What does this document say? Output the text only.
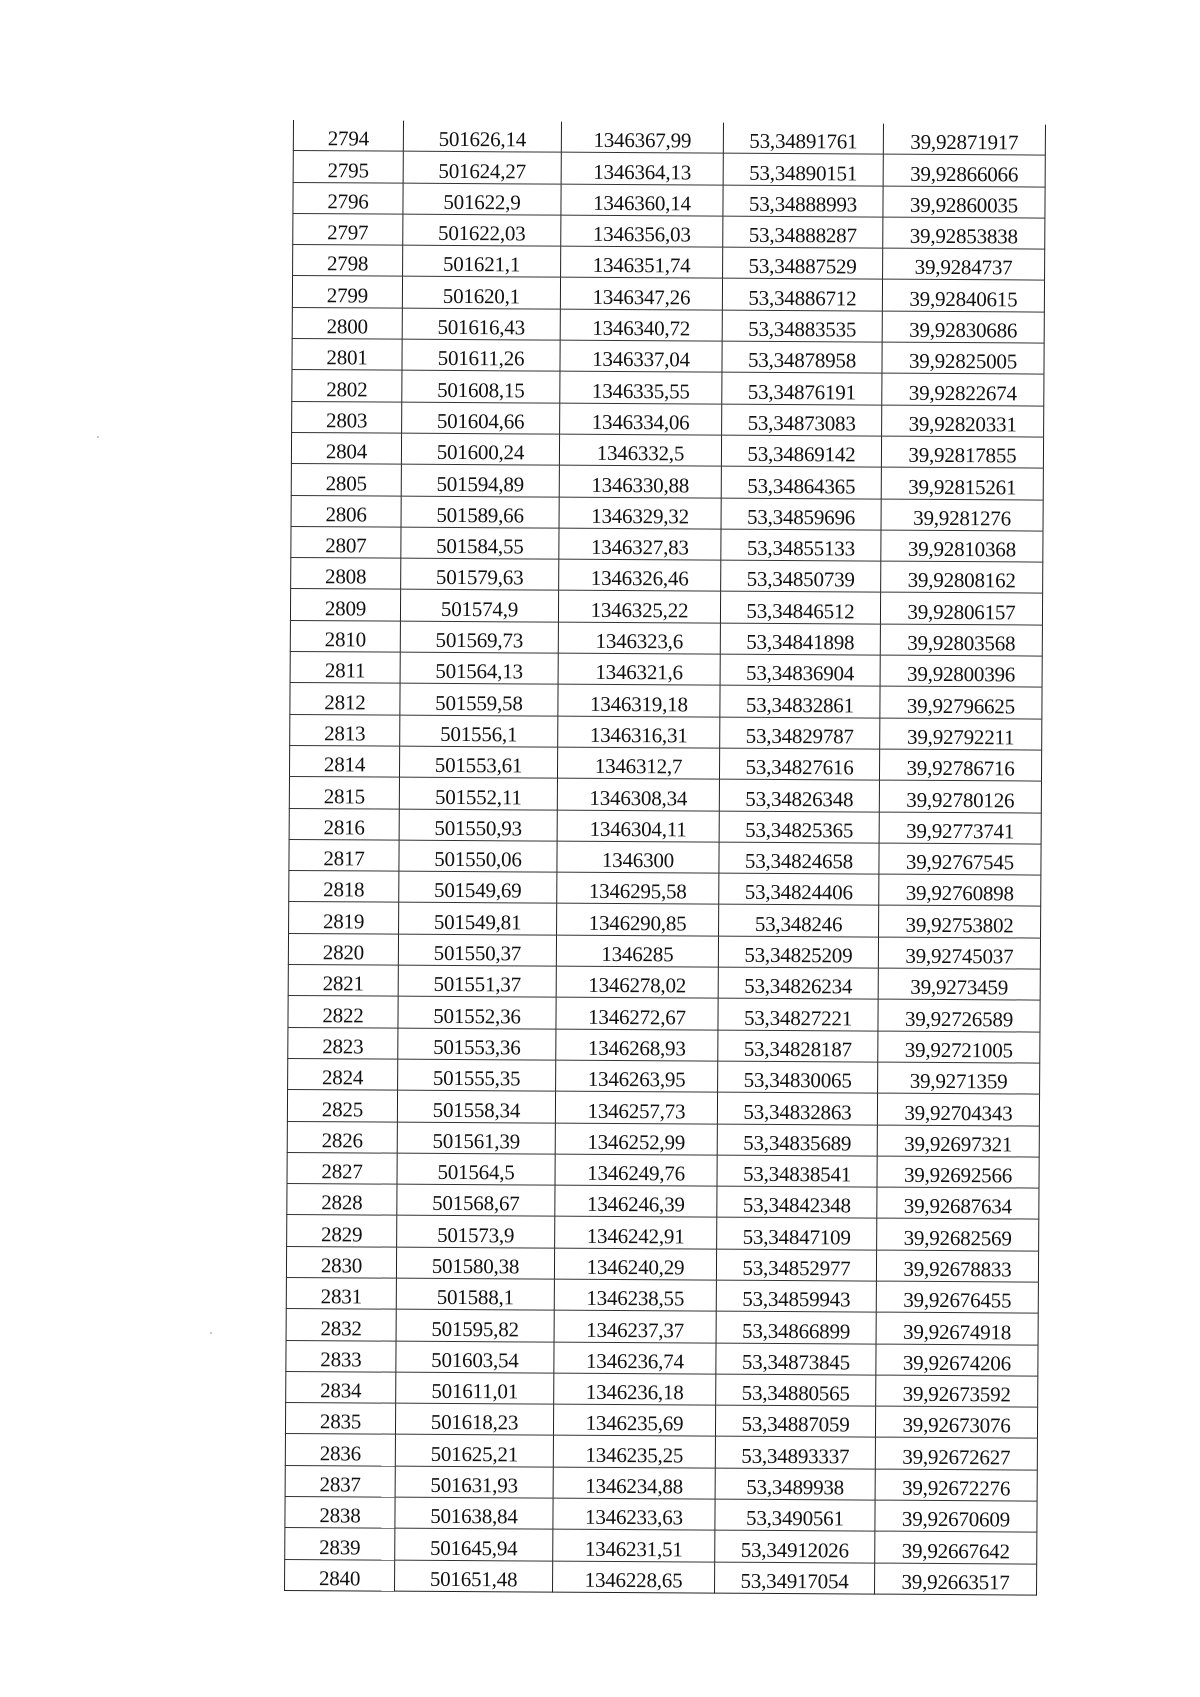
2794	501626,14	1346367,99	53,34891761	39,92871917
2795	501624,27	1346364,13	53,34890151	39,92866066
2796	501622,9	1346360,14	53,34888993	39,92860035
2797	501622,03	1346356,03	53,34888287	39,92853838
2798	501621,1	1346351,74	53,34887529	39,9284737
2799	501620,1	1346347,26	53,34886712	39,92840615
2800	501616,43	1346340,72	53,34883535	39,92830686
2801	501611,26	1346337,04	53,34878958	39,92825005
2802	501608,15	1346335,55	53,34876191	39,92822674
2803	501604,66	1346334,06	53,34873083	39,92820331
2804	501600,24	1346332,5	53,34869142	39,92817855
2805	501594,89	1346330,88	53,34864365	39,92815261
2806	501589,66	1346329,32	53,34859696	39,9281276
2807	501584,55	1346327,83	53,34855133	39,92810368
2808	501579,63	1346326,46	53,34850739	39,92808162
2809	501574,9	1346325,22	53,34846512	39,92806157
2810	501569,73	1346323,6	53,34841898	39,92803568
2811	501564,13	1346321,6	53,34836904	39,92800396
2812	501559,58	1346319,18	53,34832861	39,92796625
2813	501556,1	1346316,31	53,34829787	39,92792211
2814	501553,61	1346312,7	53,34827616	39,92786716
2815	501552,11	1346308,34	53,34826348	39,92780126
2816	501550,93	1346304,11	53,34825365	39,92773741
2817	501550,06	1346300	53,34824658	39,92767545
2818	501549,69	1346295,58	53,34824406	39,92760898
2819	501549,81	1346290,85	53,348246	39,92753802
2820	501550,37	1346285	53,34825209	39,92745037
2821	501551,37	1346278,02	53,34826234	39,9273459
2822	501552,36	1346272,67	53,34827221	39,92726589
2823	501553,36	1346268,93	53,34828187	39,92721005
2824	501555,35	1346263,95	53,34830065	39,9271359
2825	501558,34	1346257,73	53,34832863	39,92704343
2826	501561,39	1346252,99	53,34835689	39,92697321
2827	501564,5	1346249,76	53,34838541	39,92692566
2828	501568,67	1346246,39	53,34842348	39,92687634
2829	501573,9	1346242,91	53,34847109	39,92682569
2830	501580,38	1346240,29	53,34852977	39,92678833
2831	501588,1	1346238,55	53,34859943	39,92676455
2832	501595,82	1346237,37	53,34866899	39,92674918
2833	501603,54	1346236,74	53,34873845	39,92674206
2834	501611,01	1346236,18	53,34880565	39,92673592
2835	501618,23	1346235,69	53,34887059	39,92673076
2836	501625,21	1346235,25	53,34893337	39,92672627
2837	501631,93	1346234,88	53,3489938	39,92672276
2838	501638,84	1346233,63	53,3490561	39,92670609
2839	501645,94	1346231,51	53,34912026	39,92667642
2840	501651,48	1346228,65	53,34917054	39,92663517
